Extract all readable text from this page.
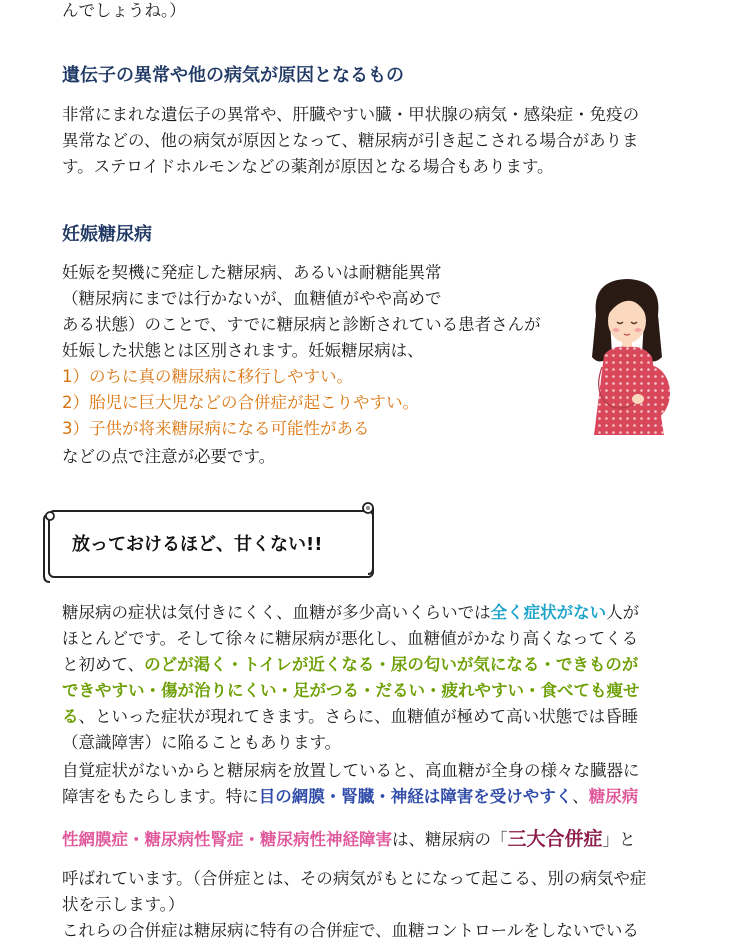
んでしょうね。）

遺伝子の異常や他の病気が原因となるもの

非常にまれな遺伝子の異常や、肝臓やすい臓・甲状腺の病気・感染症・免疫の

異常などの、他の病気が原因となって、糖尿病が引き起こされる場合がありま

す。ステロイドホルモンなどの薬剤が原因となる場合もあります。

妊娠糖尿病

妊娠を契機に発症した糖尿病、あるいは耐糖能異常

（糖尿病にまでは行かないが、血糖値がやや高めで

ある状態）のことで、すでに糖尿病と診断されている患者さんが

妊娠した状態とは区別されます。妊娠糖尿病は、

1）のちに真の糖尿病に移行しやすい。

2）胎児に巨大児などの合併症が起こりやすい。

3）子供が将来糖尿病になる可能性がある

などの点で注意が必要です。

放っておけるほど、甘くない!!

糖尿病の症状は気付きにくく、血糖が多少高いくらいでは全く症状がない人が

ほとんどです。そして徐々に糖尿病が悪化し、血糖値がかなり高くなってくる

と初めて、のどが渇く・トイレが近くなる・尿の匂いが気になる・できものが

できやすい・傷が治りにくい・足がつる・だるい・疲れやすい・食べても痩せ

る、といった症状が現れてきます。さらに、血糖値が極めて高い状態では昏睡

（意識障害）に陥ることもあります。

自覚症状がないからと糖尿病を放置していると、高血糖が全身の様々な臓器に

障害をもたらします。特に目の網膜・腎臓・神経は障害を受けやすく、糖尿病

性網膜症・糖尿病性腎症・糖尿病性神経障害は、糖尿病の「三大合併症」と

呼ばれています。（合併症とは、その病気がもとになって起こる、別の病気や症

状を示します。）

これらの合併症は糖尿病に特有の合併症で、血糖コントロールをしないでいる
